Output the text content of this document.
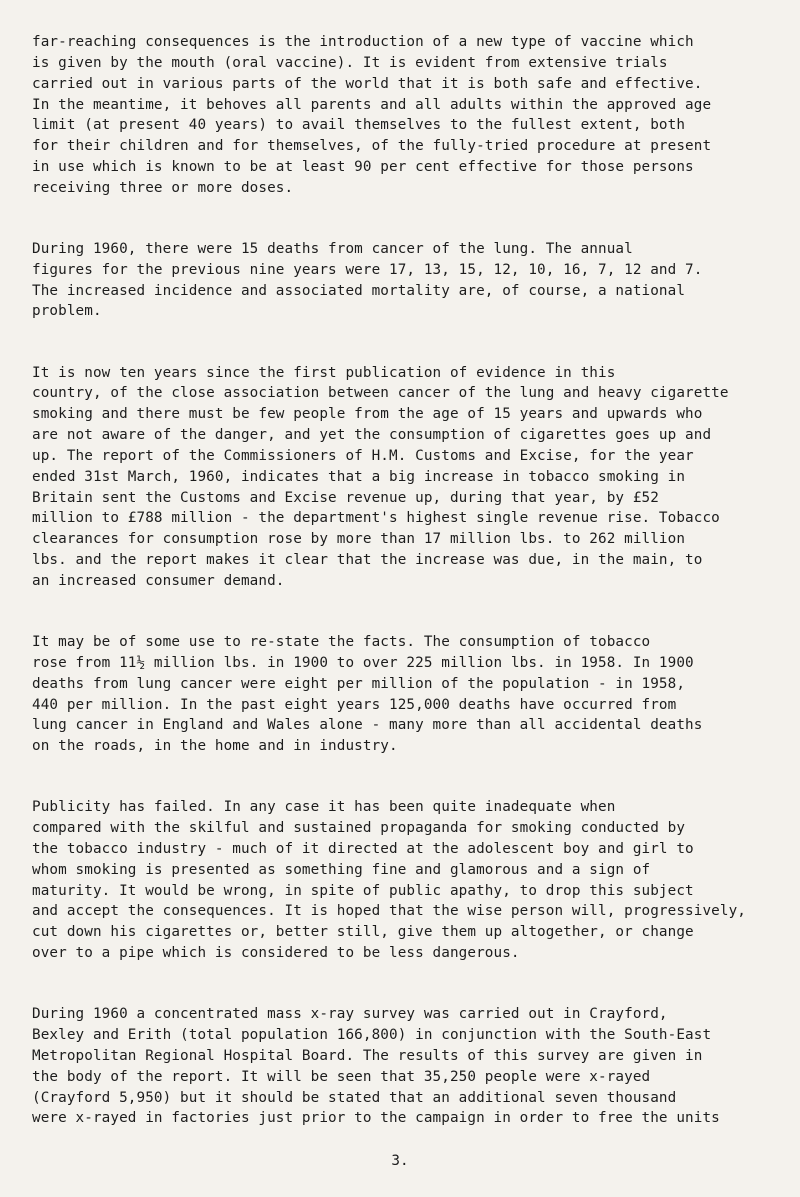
far-reaching consequences is the introduction of a new type of vaccine which
is given by the mouth (oral vaccine). It is evident from extensive trials
carried out in various parts of the world that it is both safe and effective.
In the meantime, it behoves all parents and all adults within the approved age
limit (at present 40 years) to avail themselves to the fullest extent, both
for their children and for themselves, of the fully-tried procedure at present
in use which is known to be at least 90 per cent effective for those persons
receiving three or more doses.
During 1960, there were 15 deaths from cancer of the lung. The annual
figures for the previous nine years were 17, 13, 15, 12, 10, 16, 7, 12 and 7.
The increased incidence and associated mortality are, of course, a national
problem.
It is now ten years since the first publication of evidence in this
country, of the close association between cancer of the lung and heavy cigarette
smoking and there must be few people from the age of 15 years and upwards who
are not aware of the danger, and yet the consumption of cigarettes goes up and
up. The report of the Commissioners of H.M. Customs and Excise, for the year
ended 31st March, 1960, indicates that a big increase in tobacco smoking in
Britain sent the Customs and Excise revenue up, during that year, by £52
million to £788 million - the department's highest single revenue rise. Tobacco
clearances for consumption rose by more than 17 million lbs. to 262 million
lbs. and the report makes it clear that the increase was due, in the main, to
an increased consumer demand.
It may be of some use to re-state the facts. The consumption of tobacco
rose from 11½ million lbs. in 1900 to over 225 million lbs. in 1958. In 1900
deaths from lung cancer were eight per million of the population - in 1958,
440 per million. In the past eight years 125,000 deaths have occurred from
lung cancer in England and Wales alone - many more than all accidental deaths
on the roads, in the home and in industry.
Publicity has failed. In any case it has been quite inadequate when
compared with the skilful and sustained propaganda for smoking conducted by
the tobacco industry - much of it directed at the adolescent boy and girl to
whom smoking is presented as something fine and glamorous and a sign of
maturity. It would be wrong, in spite of public apathy, to drop this subject
and accept the consequences. It is hoped that the wise person will, progressively,
cut down his cigarettes or, better still, give them up altogether, or change
over to a pipe which is considered to be less dangerous.
During 1960 a concentrated mass x-ray survey was carried out in Crayford,
Bexley and Erith (total population 166,800) in conjunction with the South-East
Metropolitan Regional Hospital Board. The results of this survey are given in
the body of the report. It will be seen that 35,250 people were x-rayed
(Crayford 5,950) but it should be stated that an additional seven thousand
were x-rayed in factories just prior to the campaign in order to free the units
3.
